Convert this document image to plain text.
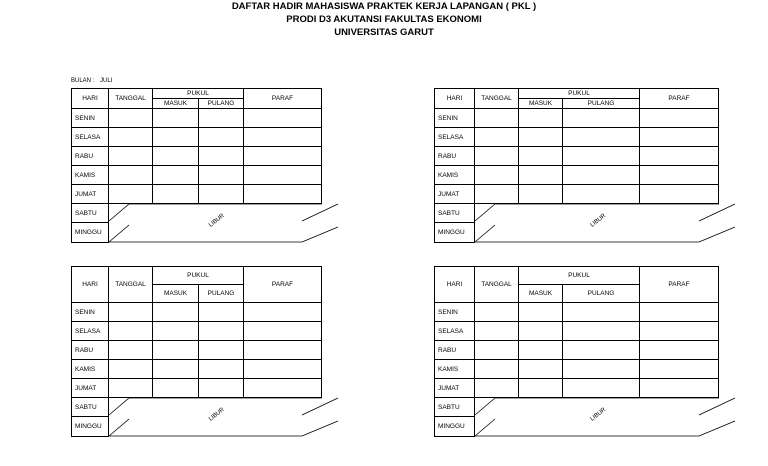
DAFTAR HADIR MAHASISWA PRAKTEK KERJA LAPANGAN ( PKL )
PRODI D3 AKUTANSI FAKULTAS EKONOMI
UNIVERSITAS GARUT
BULAN : JULI
HARI	TANGGAL	PUKUL		PARAF
		MASUK	PULANG	
SENIN				
SELASA				
RABU				
KAMIS				
JUMAT				
SABTU	LIBUR			

MINGGU				
HARI	TANGGAL	PUKUL		PARAF
		MASUK	PULANG	
SENIN				
SELASA				
RABU				
KAMIS				
JUMAT				
SABTU	LIBUR			

MINGGU				
HARI	TANGGAL	PUKUL		PARAF
		MASUK	PULANG	
SENIN				
SELASA				
RABU				
KAMIS				
JUMAT				
SABTU	LIBUR			

MINGGU				
HARI	TANGGAL	PUKUL		PARAF
		MASUK	PULANG	
SENIN				
SELASA				
RABU				
KAMIS				
JUMAT				
SABTU	LIBUR			

MINGGU				
